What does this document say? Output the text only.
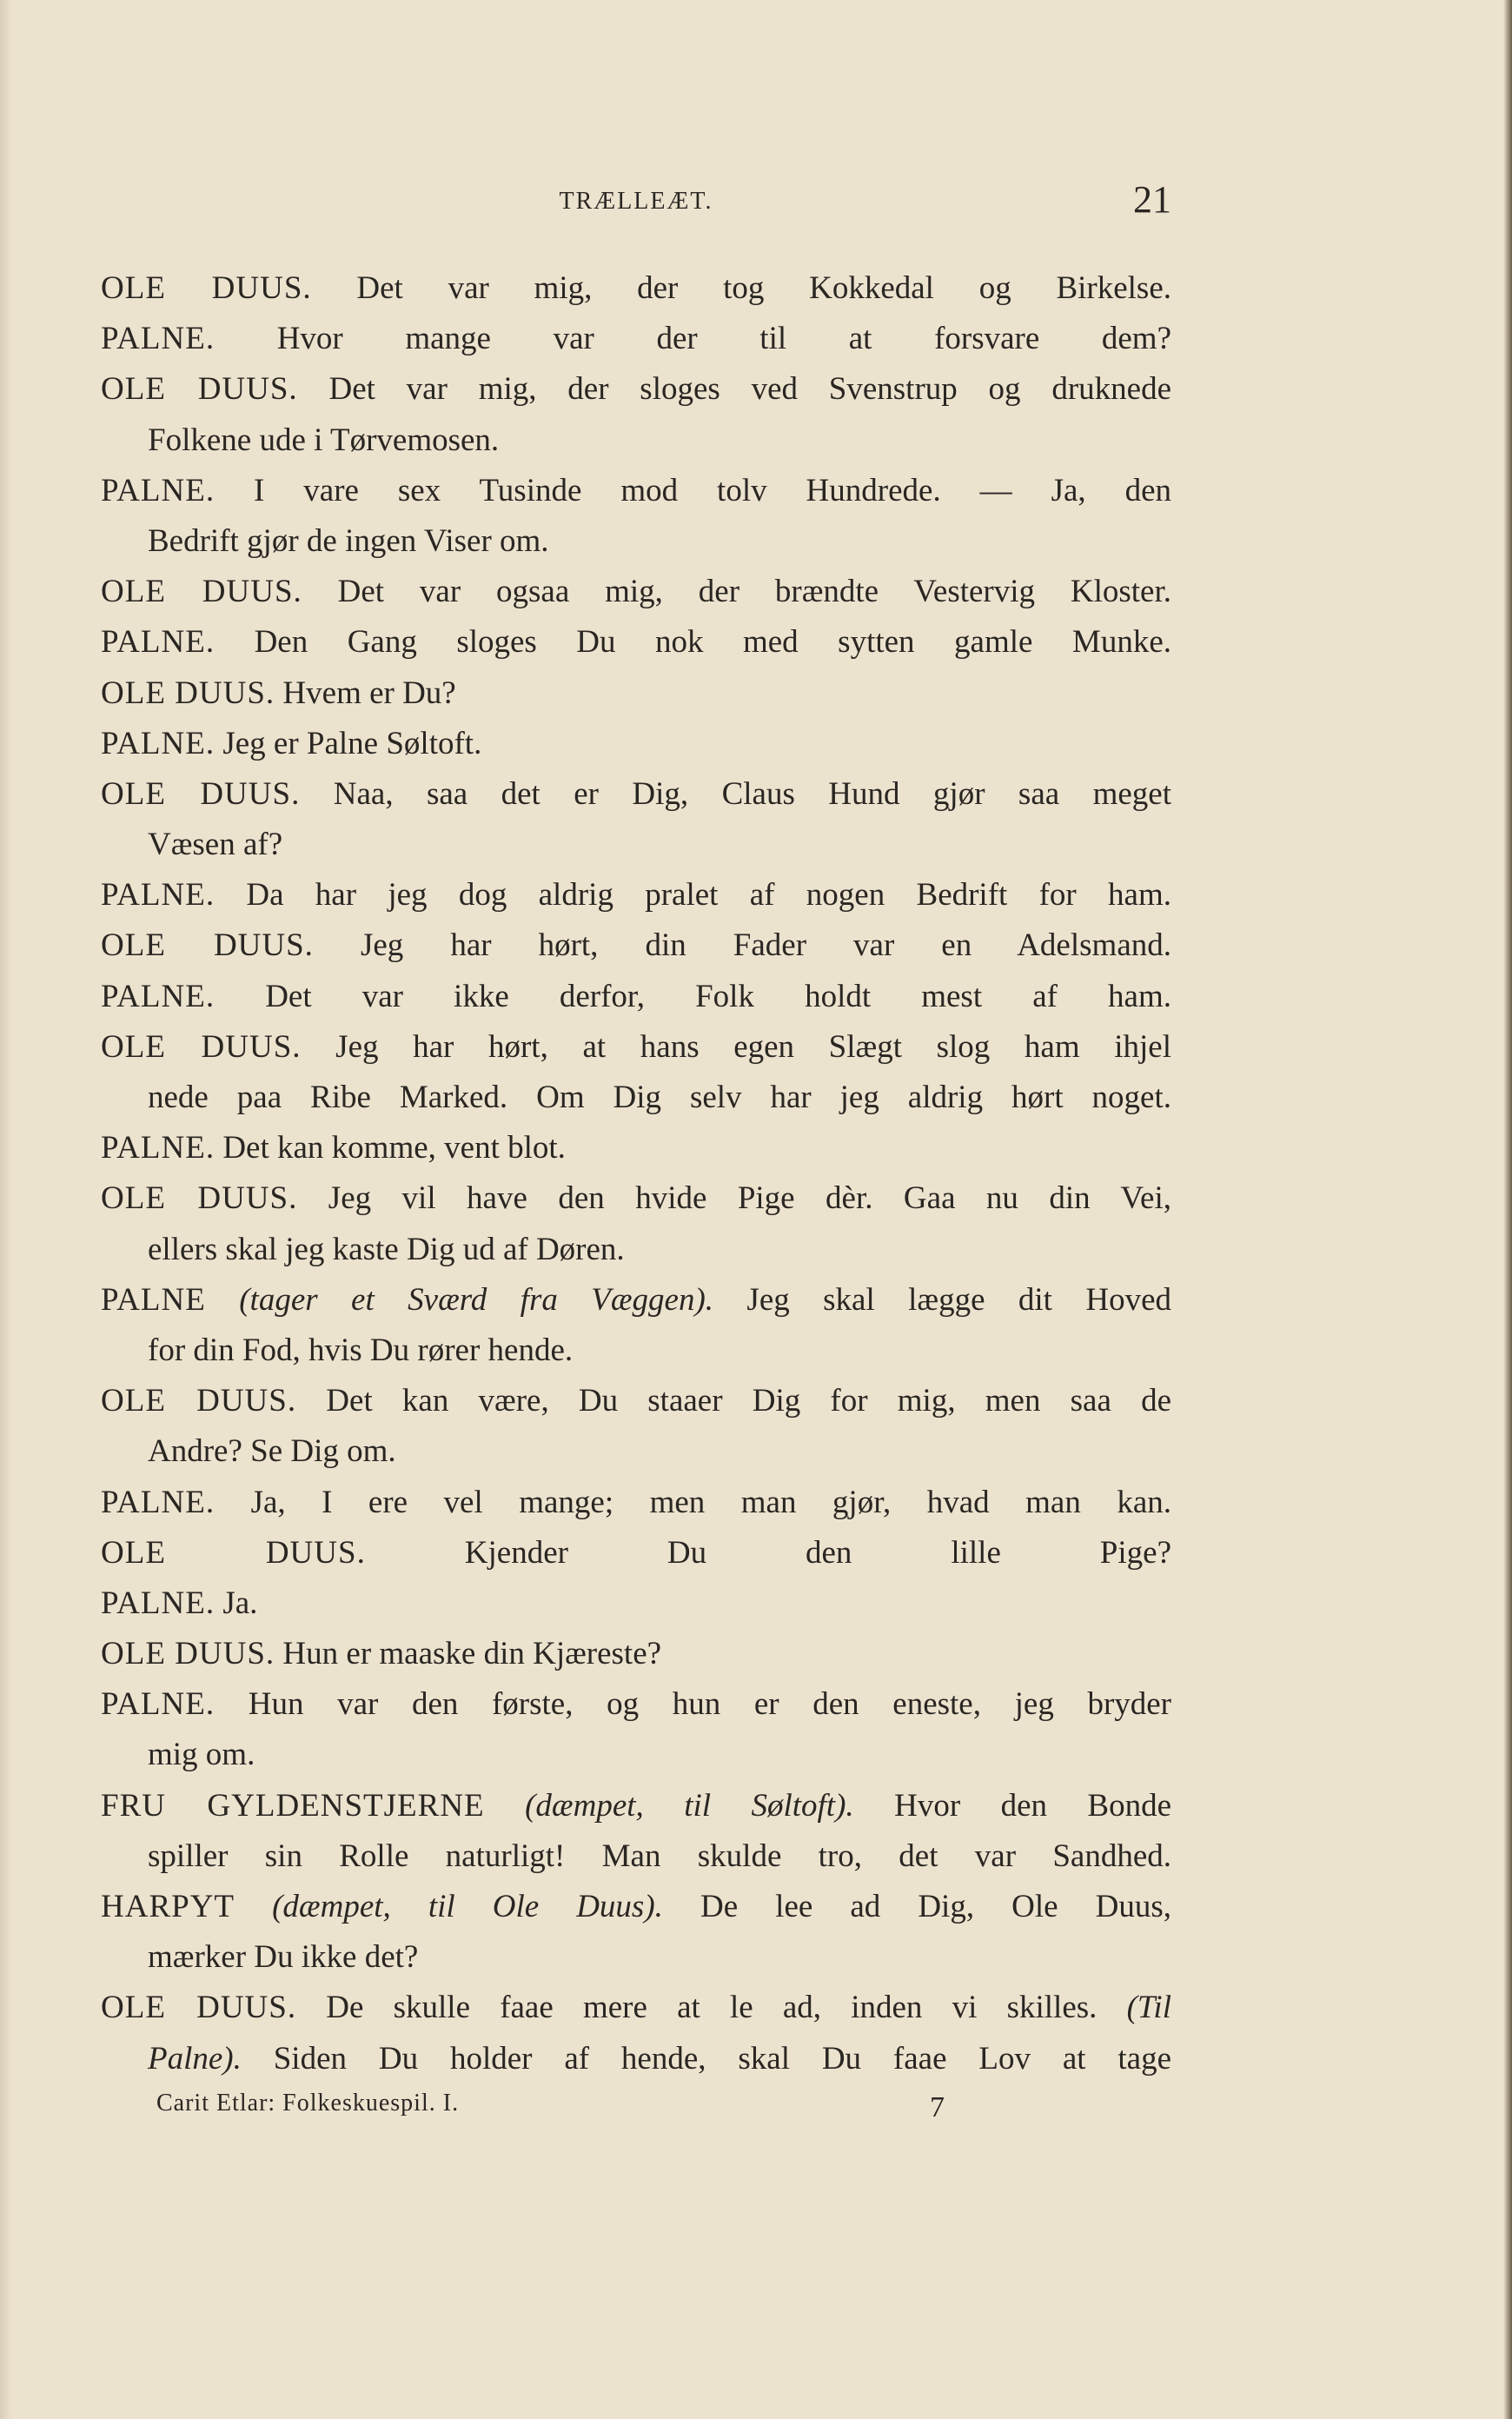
TRÆLLEÆT.	21
OLE DUUS. Det var mig, der tog Kokkedal og Birkelse.
PALNE. Hvor mange var der til at forsvare dem?
OLE DUUS. Det var mig, der sloges ved Svenstrup og druknede
Folkene ude i Tørvemosen.
PALNE. I vare sex Tusinde mod tolv Hundrede. — Ja, den
Bedrift gjør de ingen Viser om.
OLE DUUS. Det var ogsaa mig, der brændte Vestervig Kloster.
PALNE. Den Gang sloges Du nok med sytten gamle Munke.
OLE DUUS. Hvem er Du?
PALNE. Jeg er Palne Søltoft.
OLE DUUS. Naa, saa det er Dig, Claus Hund gjør saa meget
Væsen af?
PALNE. Da har jeg dog aldrig pralet af nogen Bedrift for ham.
OLE DUUS. Jeg har hørt, din Fader var en Adelsmand.
PALNE. Det var ikke derfor, Folk holdt mest af ham.
OLE DUUS. Jeg har hørt, at hans egen Slægt slog ham ihjel
nede paa Ribe Marked. Om Dig selv har jeg aldrig hørt noget.
PALNE. Det kan komme, vent blot.
OLE DUUS. Jeg vil have den hvide Pige dèr. Gaa nu din Vei,
ellers skal jeg kaste Dig ud af Døren.
PALNE (tager et Sværd fra Væggen). Jeg skal lægge dit Hoved
for din Fod, hvis Du rører hende.
OLE DUUS. Det kan være, Du staaer Dig for mig, men saa de
Andre? Se Dig om.
PALNE. Ja, I ere vel mange; men man gjør, hvad man kan.
OLE DUUS.	Kjender Du den lille Pige?
PALNE. Ja.
OLE DUUS. Hun er maaske din Kjæreste?
PALNE. Hun var den første, og hun er den eneste, jeg bryder
mig om.
FRU GYLDENSTJERNE (dæmpet, til Søltoft). Hvor den Bonde
spiller sin Rolle naturligt! Man skulde tro, det var Sandhed.
HARPYT (dæmpet, til Ole Duus). De lee ad Dig, Ole Duus,
mærker Du ikke det?
OLE DUUS. De skulle faae mere at le ad, inden vi skilles. (Til
Palne). Siden Du holder af hende, skal Du faae Lov at tage
Carit Etlar: Folkeskuespil. I.	7
